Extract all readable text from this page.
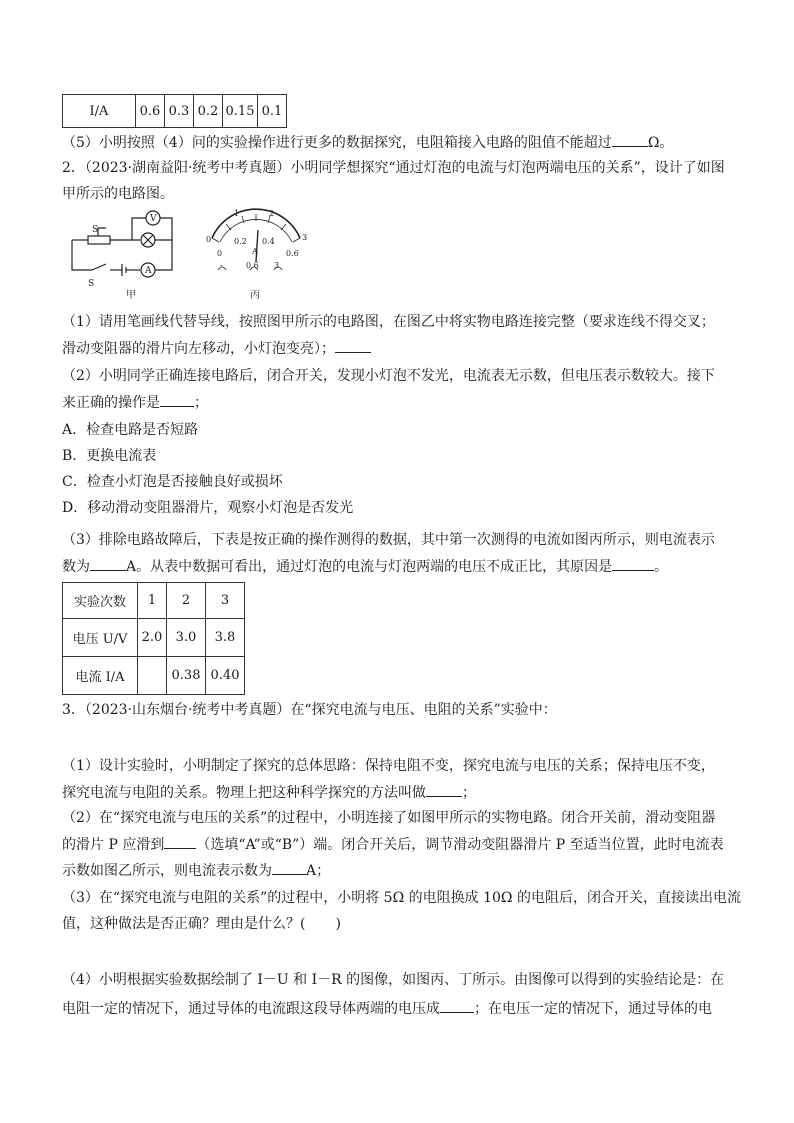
I/A	0.6	0.3	0.2	0.15	0.1
（5）小明按照（4）问的实验操作进行更多的数据探究，电阻箱接入电路的阻值不能超过	Ω。
2．（2023·湖南益阳·统考中考真题）小明同学想探究“通过灯泡的电流与灯泡两端电压的关系”，设计了如图
甲所示的电路图。
S
V
A
S
甲
0
1	2
3
0.2 0.4
0	0.6
A
-	0.6 3
丙
（1）请用笔画线代替导线，按照图甲所示的电路图，在图乙中将实物电路连接完整（要求连线不得交叉；
滑动变阻器的滑片向左移动，小灯泡变亮）；
（2）小明同学正确连接电路后，闭合开关，发现小灯泡不发光，电流表无示数，但电压表示数较大。接下
来正确的操作是 ；
A．检查电路是否短路
B．更换电流表
C．检查小灯泡是否接触良好或损坏
D．移动滑动变阻器滑片，观察小灯泡是否发光
（3）排除电路故障后，下表是按正确的操作测得的数据，其中第一次测得的电流如图丙所示，则电流表示
数为	A。从表中数据可看出，通过灯泡的电流与灯泡两端的电压不成正比，其原因是	。
实验次数	1	2	3
电压 U/V	2.0	3.0	3.8
电流 I/A		0.38	0.40
3．（2023·山东烟台·统考中考真题）在“探究电流与电压、电阻的关系”实验中：
（1）设计实验时，小明制定了探究的总体思路：保持电阻不变，探究电流与电压的关系；保持电压不变，
探究电流与电阻的关系。物理上把这种科学探究的方法叫做	；
（2）在“探究电流与电压的关系”的过程中，小明连接了如图甲所示的实物电路。闭合开关前，滑动变阻器
的滑片 P 应滑到 （选填“A”或“B”）端。闭合开关后，调节滑动变阻器滑片 P 至适当位置，此时电流表
示数如图乙所示，则电流表示数为 A；
（3）在“探究电流与电阻的关系”的过程中，小明将 5Ω 的电阻换成 10Ω 的电阻后，闭合开关，直接读出电流
值，这种做法是否正确？理由是什么？( )
（4）小明根据实验数据绘制了 I－U 和 I－R 的图像，如图丙、丁所示。由图像可以得到的实验结论是：在
电阻一定的情况下，通过导体的电流跟这段导体两端的电压成 ；在电压一定的情况下，通过导体的电
